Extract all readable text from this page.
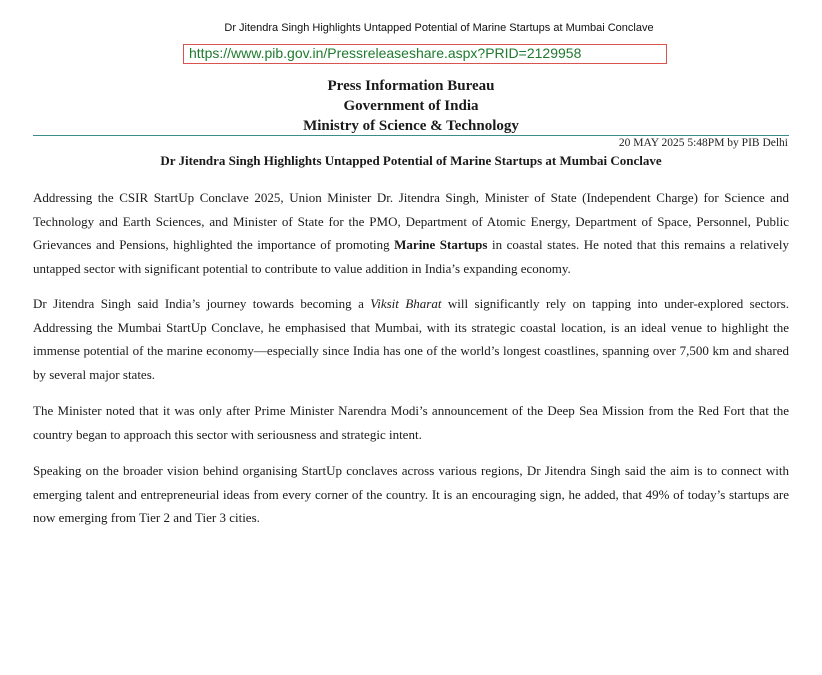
Dr Jitendra Singh Highlights Untapped Potential of Marine Startups at Mumbai Conclave
https://www.pib.gov.in/Pressreleaseshare.aspx?PRID=2129958
Press Information Bureau
Government of India
Ministry of Science & Technology
20 MAY 2025 5:48PM by PIB Delhi
Dr Jitendra Singh Highlights Untapped Potential of Marine Startups at Mumbai Conclave

Addressing the CSIR StartUp Conclave 2025, Union Minister Dr. Jitendra Singh, Minister of State (Independent Charge) for Science and Technology and Earth Sciences, and Minister of State for the PMO, Department of Atomic Energy, Department of Space, Personnel, Public Grievances and Pensions, highlighted the importance of promoting Marine Startups in coastal states. He noted that this remains a relatively untapped sector with significant potential to contribute to value addition in India’s expanding economy.

Dr Jitendra Singh said India’s journey towards becoming a Viksit Bharat will significantly rely on tapping into under-explored sectors. Addressing the Mumbai StartUp Conclave, he emphasised that Mumbai, with its strategic coastal location, is an ideal venue to highlight the immense potential of the marine economy—especially since India has one of the world’s longest coastlines, spanning over 7,500 km and shared by several major states.

The Minister noted that it was only after Prime Minister Narendra Modi’s announcement of the Deep Sea Mission from the Red Fort that the country began to approach this sector with seriousness and strategic intent.

Speaking on the broader vision behind organising StartUp conclaves across various regions, Dr Jitendra Singh said the aim is to connect with emerging talent and entrepreneurial ideas from every corner of the country. It is an encouraging sign, he added, that 49% of today’s startups are now emerging from Tier 2 and Tier 3 cities.
